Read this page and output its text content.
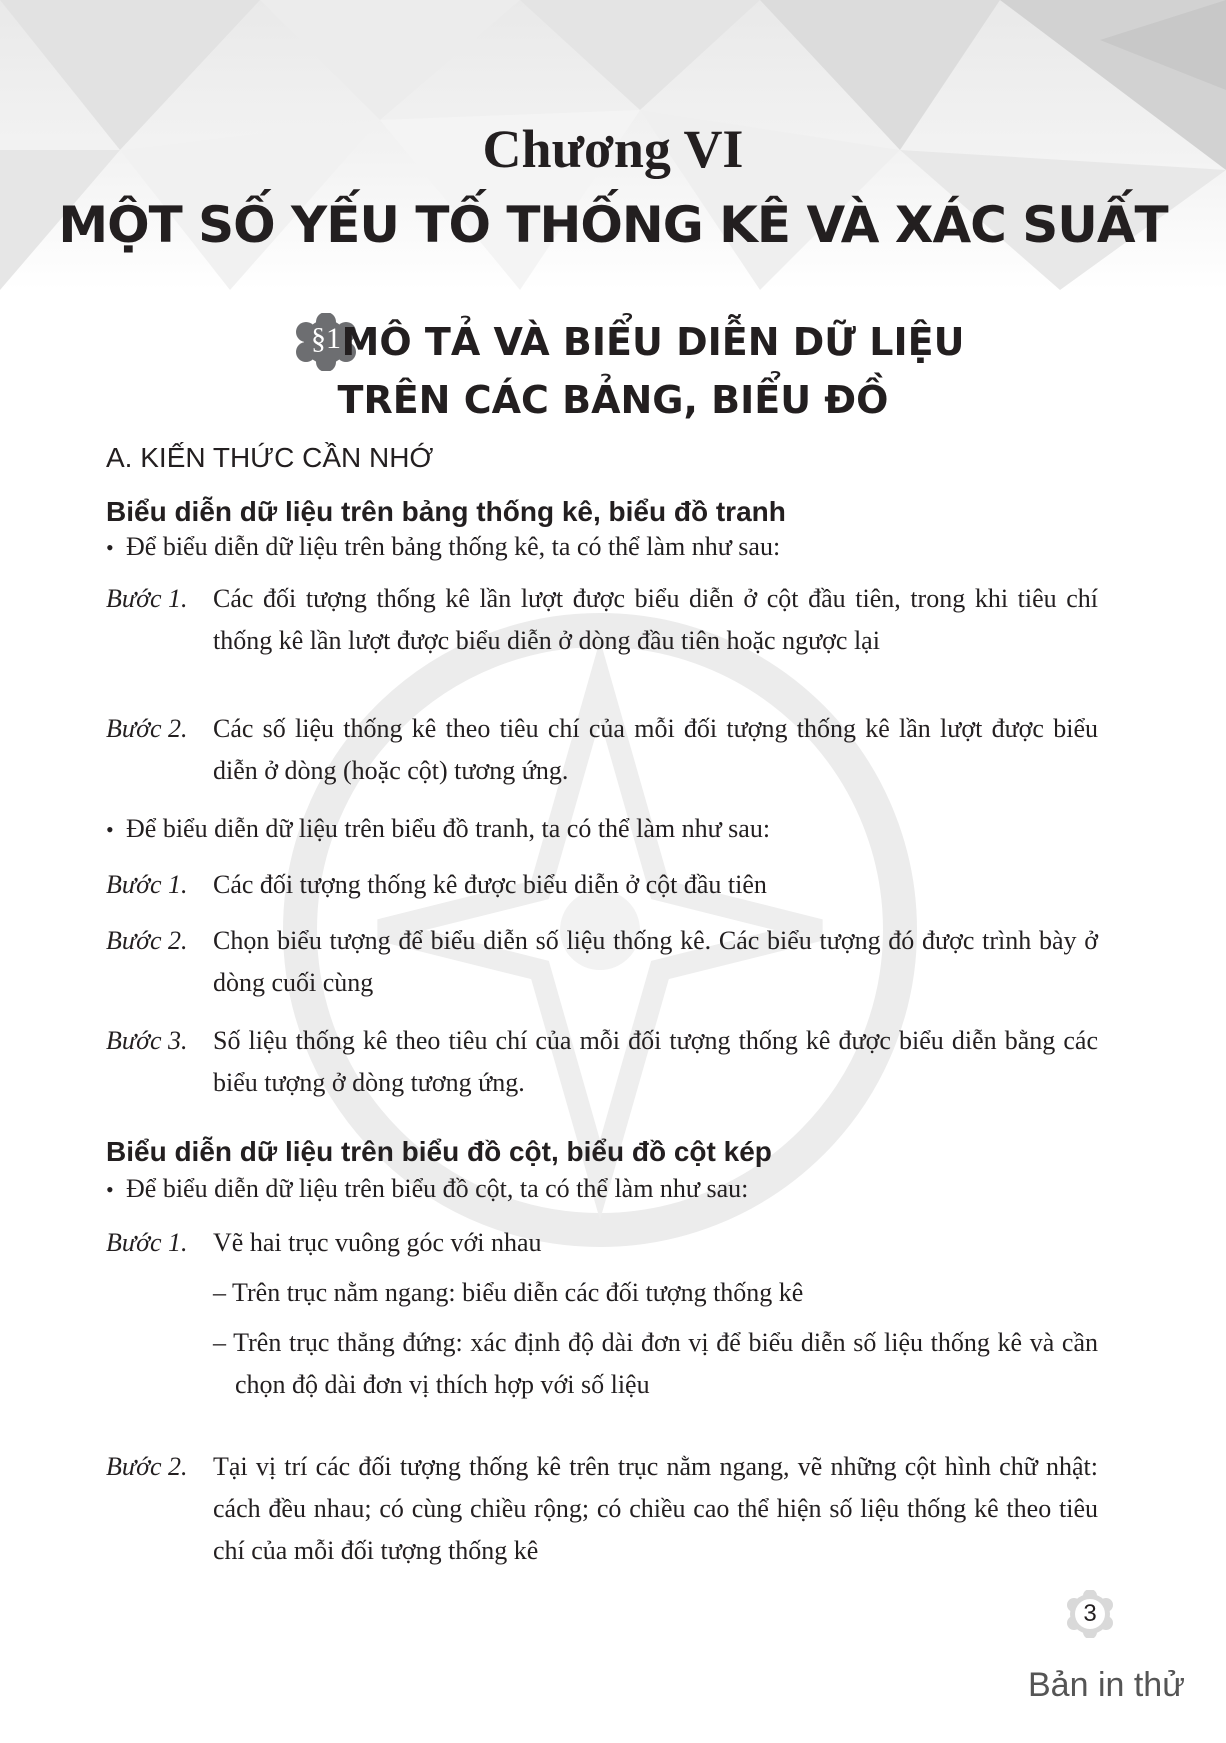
Chương VI
MỘT SỐ YẾU TỐ THỐNG KÊ VÀ XÁC SUẤT
§1 MÔ TẢ VÀ BIỂU DIỄN DỮ LIỆU
TRÊN CÁC BẢNG, BIỂU ĐỒ
A. KIẾN THỨC CẦN NHỚ
Biểu diễn dữ liệu trên bảng thống kê, biểu đồ tranh
• Để biểu diễn dữ liệu trên bảng thống kê, ta có thể làm như sau:
Bước 1. Các đối tượng thống kê lần lượt được biểu diễn ở cột đầu tiên, trong khi tiêu chí thống kê lần lượt được biểu diễn ở dòng đầu tiên hoặc ngược lại
Bước 2. Các số liệu thống kê theo tiêu chí của mỗi đối tượng thống kê lần lượt được biểu diễn ở dòng (hoặc cột) tương ứng.
• Để biểu diễn dữ liệu trên biểu đồ tranh, ta có thể làm như sau:
Bước 1. Các đối tượng thống kê được biểu diễn ở cột đầu tiên
Bước 2. Chọn biểu tượng để biểu diễn số liệu thống kê. Các biểu tượng đó được trình bày ở dòng cuối cùng
Bước 3. Số liệu thống kê theo tiêu chí của mỗi đối tượng thống kê được biểu diễn bằng các biểu tượng ở dòng tương ứng.
Biểu diễn dữ liệu trên biểu đồ cột, biểu đồ cột kép
• Để biểu diễn dữ liệu trên biểu đồ cột, ta có thể làm như sau:
Bước 1. Vẽ hai trục vuông góc với nhau
– Trên trục nằm ngang: biểu diễn các đối tượng thống kê
– Trên trục thẳng đứng: xác định độ dài đơn vị để biểu diễn số liệu thống kê và cần chọn độ dài đơn vị thích hợp với số liệu
Bước 2. Tại vị trí các đối tượng thống kê trên trục nằm ngang, vẽ những cột hình chữ nhật: cách đều nhau; có cùng chiều rộng; có chiều cao thể hiện số liệu thống kê theo tiêu chí của mỗi đối tượng thống kê
3
Bản in thử
